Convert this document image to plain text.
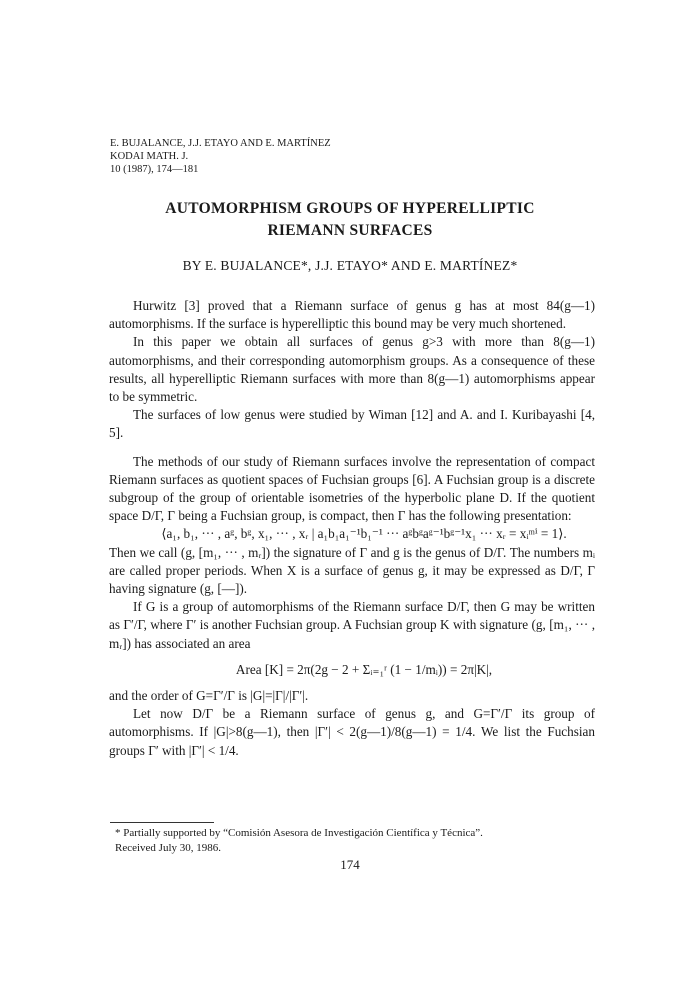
E. BUJALANCE, J.J. ETAYO AND E. MARTÍNEZ
KODAI MATH. J.
10 (1987), 174—181
AUTOMORPHISM GROUPS OF HYPERELLIPTIC
RIEMANN SURFACES
BY E. BUJALANCE*, J.J. ETAYO* AND E. MARTÍNEZ*

Hurwitz [3] proved that a Riemann surface of genus g has at most 84(g—1) automorphisms. If the surface is hyperelliptic this bound may be very much shortened.

In this paper we obtain all surfaces of genus g>3 with more than 8(g—1) automorphisms, and their corresponding automorphism groups. As a consequence of these results, all hyperelliptic Riemann surfaces with more than 8(g—1) automorphisms appear to be symmetric.

The surfaces of low genus were studied by Wiman [12] and A. and I. Kuribayashi [4, 5].

The methods of our study of Riemann surfaces involve the representation of compact Riemann surfaces as quotient spaces of Fuchsian groups [6]. A Fuchsian group is a discrete subgroup of the group of orientable isometries of the hyperbolic plane D. If the quotient space D/Γ, Γ being a Fuchsian group, is compact, then Γ has the following presentation:

⟨a₁, b₁, ··· , aᵍ, bᵍ, x₁, ··· , xᵣ | a₁b₁a₁⁻¹b₁⁻¹ ··· aᵍbᵍaᵍ⁻¹bᵍ⁻¹x₁ ··· xᵣ = xᵢᵐⁱ = 1⟩.

Then we call (g, [m₁, ··· , mᵣ]) the signature of Γ and g is the genus of D/Γ. The numbers mᵢ are called proper periods. When X is a surface of genus g, it may be expressed as D/Γ, Γ having signature (g, [—]).

If G is a group of automorphisms of the Riemann surface D/Γ, then G may be written as Γ′/Γ, where Γ′ is another Fuchsian group. A Fuchsian group K with signature (g, [m₁, ··· , mᵣ]) has associated an area

Area [K] = 2π(2g − 2 + Σᵢ₌₁ʳ (1 − 1/mᵢ)) = 2π|K|,

and the order of G=Γ′/Γ is |G|=|Γ|/|Γ′|.

Let now D/Γ be a Riemann surface of genus g, and G=Γ′/Γ its group of automorphisms. If |G|>8(g—1), then |Γ′| < 2(g—1)/8(g—1) = 1/4. We list the Fuchsian groups Γ′ with |Γ′| < 1/4.

* Partially supported by “Comisión Asesora de Investigación Científica y Técnica”.
Received July 30, 1986.
174
